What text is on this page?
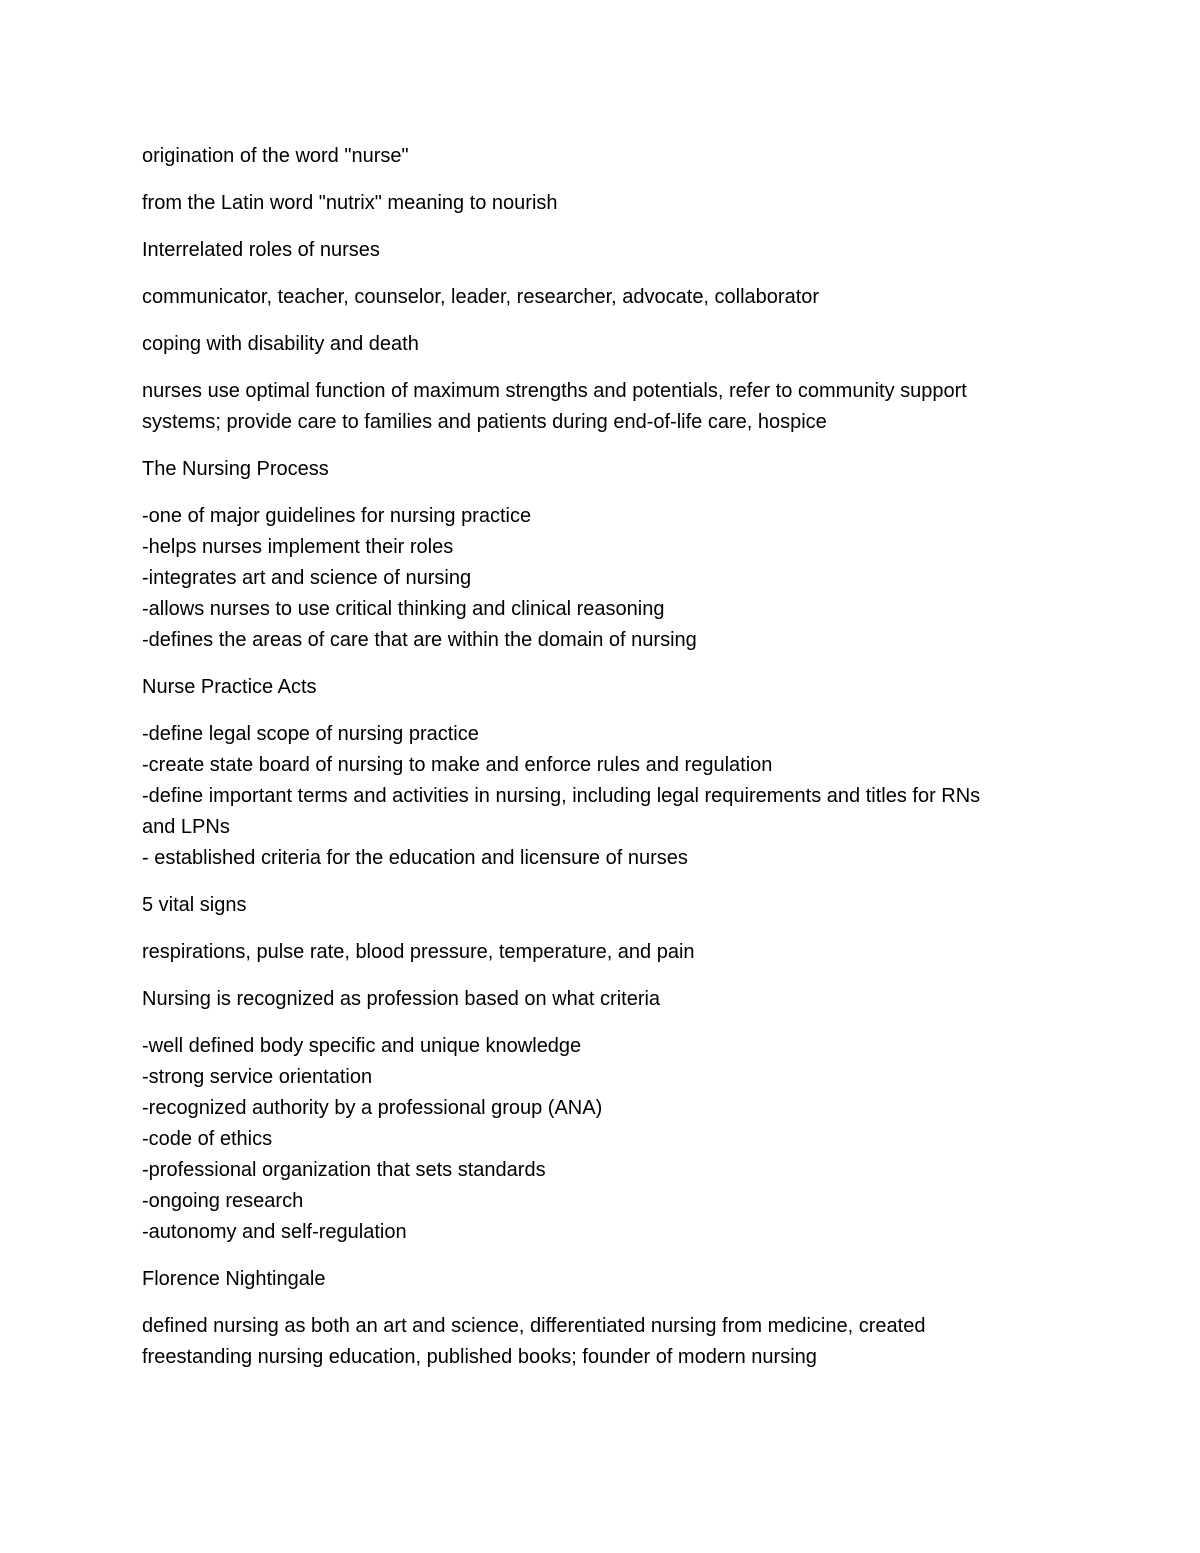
origination of the word "nurse"
from the Latin word "nutrix" meaning to nourish
Interrelated roles of nurses
communicator, teacher, counselor, leader, researcher, advocate, collaborator
coping with disability and death
nurses use optimal function of maximum strengths and potentials, refer to community support
systems; provide care to families and patients during end-of-life care, hospice
The Nursing Process
-one of major guidelines for nursing practice
-helps nurses implement their roles
-integrates art and science of nursing
-allows nurses to use critical thinking and clinical reasoning
-defines the areas of care that are within the domain of nursing
Nurse Practice Acts
-define legal scope of nursing practice
-create state board of nursing to make and enforce rules and regulation
-define important terms and activities in nursing, including legal requirements and titles for RNs
and LPNs
- established criteria for the education and licensure of nurses
5 vital signs
respirations, pulse rate, blood pressure, temperature, and pain
Nursing is recognized as profession based on what criteria
-well defined body specific and unique knowledge
-strong service orientation
-recognized authority by a professional group (ANA)
-code of ethics
-professional organization that sets standards
-ongoing research
-autonomy and self-regulation
Florence Nightingale
defined nursing as both an art and science, differentiated nursing from medicine, created
freestanding nursing education, published books; founder of modern nursing
